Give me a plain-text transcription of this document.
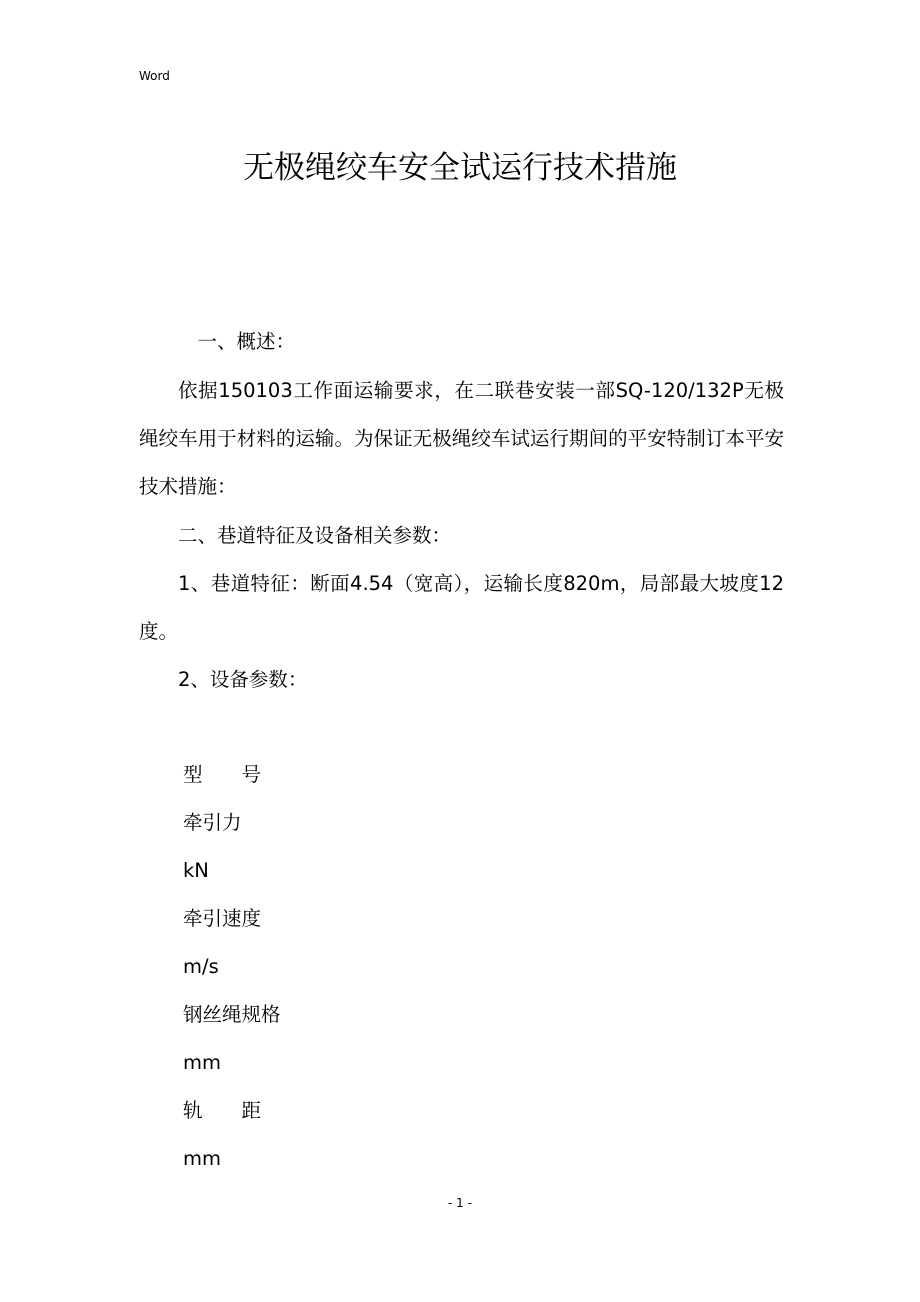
Word
无极绳绞车安全试运行技术措施

一、概述：

依据150103工作面运输要求，在二联巷安装一部SQ-120/132P无极绳绞车用于材料的运输。为保证无极绳绞车试运行期间的平安特制订本平安技术措施：

二、巷道特征及设备相关参数：

1、巷道特征：断面4.54（宽高），运输长度820m，局部最大坡度12度。

2、设备参数：

型　　号
牵引力
kN
牵引速度
m/s
钢丝绳规格
mm
轨　　距
mm
- 1 -
